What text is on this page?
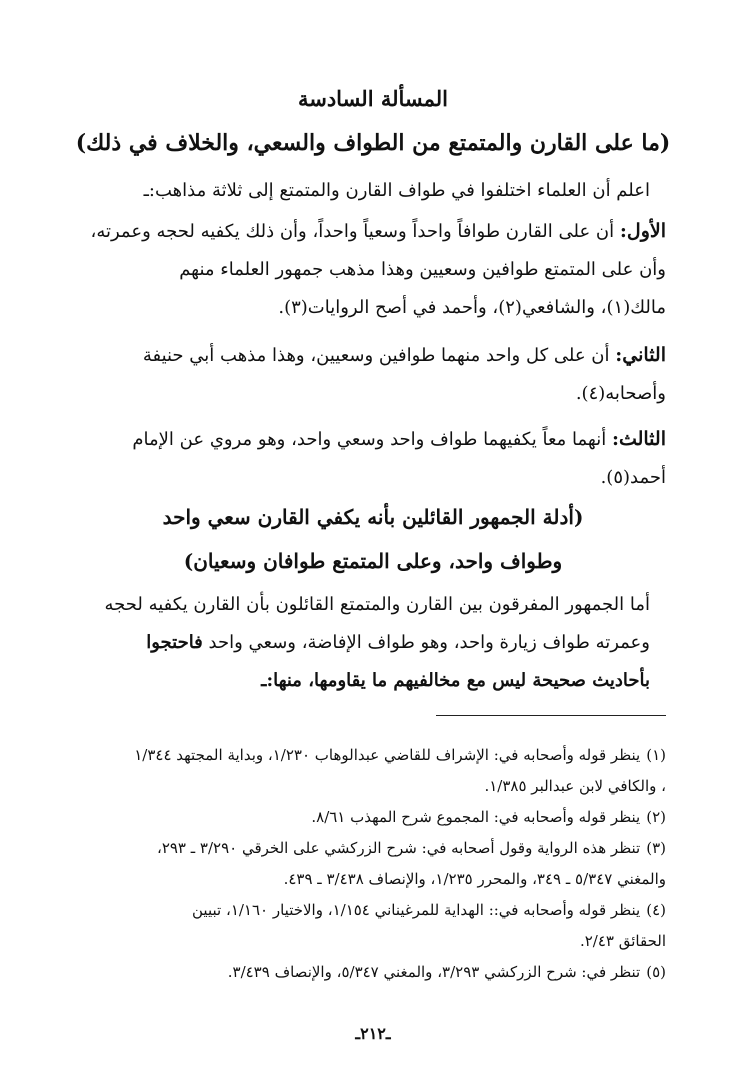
المسألة السادسة
(ما على القارن والمتمتع من الطواف والسعي، والخلاف في ذلك)
اعلم أن العلماء اختلفوا في طواف القارن والمتمتع إلى ثلاثة مذاهب:ـ
الأول: أن على القارن طوافاً واحداً وسعياً واحداً، وأن ذلك يكفيه لحجه وعمرته،
وأن على المتمتع طوافين وسعيين وهذا مذهب جمهور العلماء منهم
مالك(١)، والشافعي(٢)، وأحمد في أصح الروايات(٣).
الثاني: أن على كل واحد منهما طوافين وسعيين، وهذا مذهب أبي حنيفة
وأصحابه(٤).
الثالث: أنهما معاً يكفيهما طواف واحد وسعي واحد، وهو مروي عن الإمام
أحمد(٥).
(أدلة الجمهور القائلين بأنه يكفي القارن سعي واحد
وطواف واحد، وعلى المتمتع طوافان وسعيان)
أما الجمهور المفرقون بين القارن والمتمتع القائلون بأن القارن يكفيه لحجه
وعمرته طواف زيارة واحد، وهو طواف الإفاضة، وسعي واحد فاحتجوا
بأحاديث صحيحة ليس مع مخالفيهم ما يقاومها، منها:ـ
(١)ينظر قوله وأصحابه في: الإشراف للقاضي عبدالوهاب ١/٢٣٠، وبداية المجتهد ١/٣٤٤
، والكافي لابن عبدالبر ١/٣٨٥.
(٢)ينظر قوله وأصحابه في: المجموع شرح المهذب ٨/٦١.
(٣)تنظر هذه الرواية وقول أصحابه في: شرح الزركشي على الخرقي ٣/٢٩٠ ـ ٢٩٣،
والمغني ٥/٣٤٧ ـ ٣٤٩، والمحرر ١/٢٣٥، والإنصاف ٣/٤٣٨ ـ ٤٣٩.
(٤)ينظر قوله وأصحابه في:: الهداية للمرغيناني ١/١٥٤، والاختيار ١/١٦٠، تبيين
الحقائق ٢/٤٣.
(٥)تنظر في: شرح الزركشي ٣/٢٩٣، والمغني ٥/٣٤٧، والإنصاف ٣/٤٣٩.
ـ٢١٢ـ
